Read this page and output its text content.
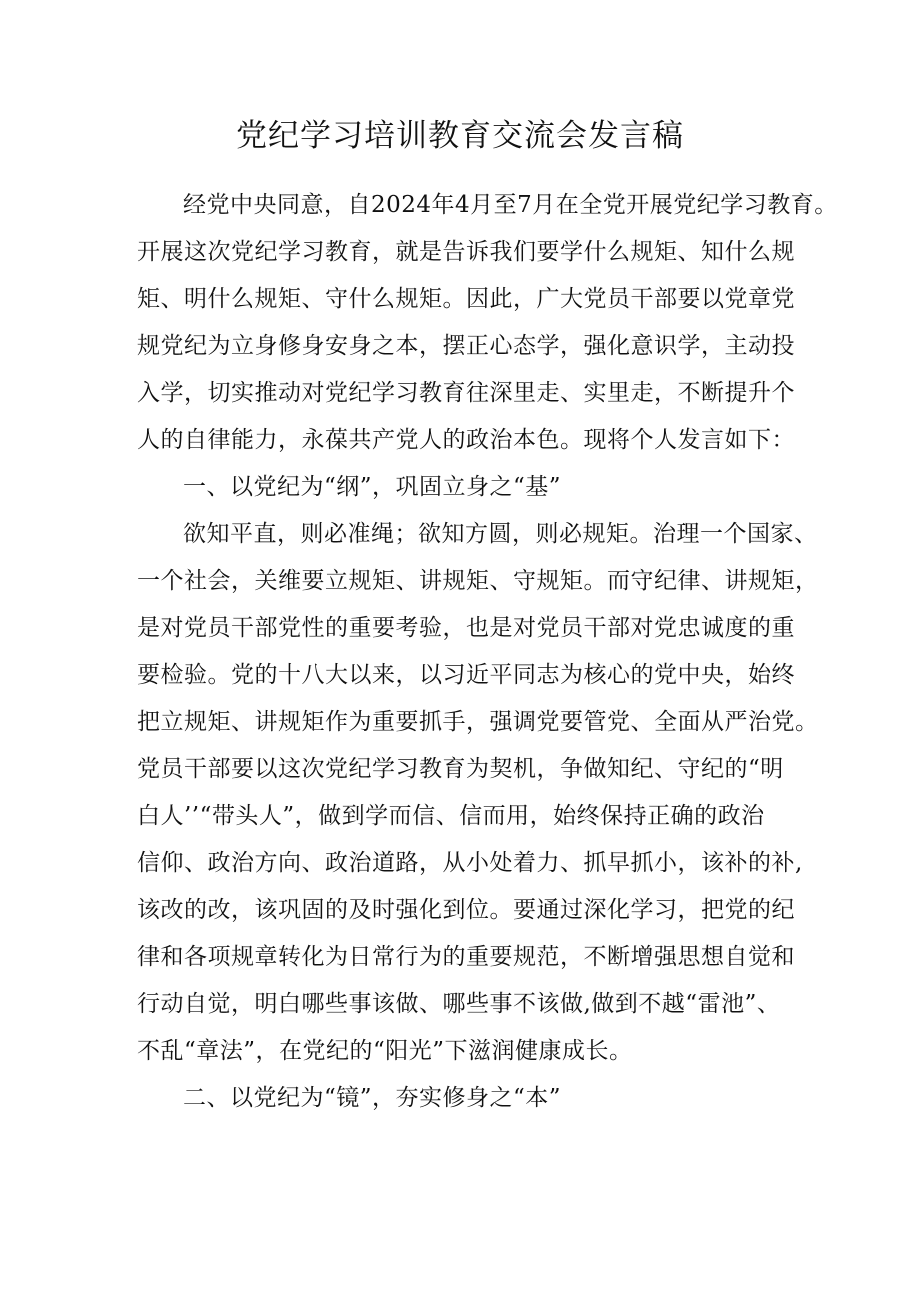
党纪学习培训教育交流会发言稿
经党中央同意，自2024年4月至7月在全党开展党纪学习教育。
开展这次党纪学习教育，就是告诉我们要学什么规矩、知什么规
矩、明什么规矩、守什么规矩。因此，广大党员干部要以党章党
规党纪为立身修身安身之本，摆正心态学，强化意识学，主动投
入学，切实推动对党纪学习教育往深里走、实里走，不断提升个
人的自律能力，永葆共产党人的政治本色。现将个人发言如下：
一、以党纪为“纲”，巩固立身之“基”
欲知平直，则必准绳；欲知方圆，则必规矩。治理一个国家、
一个社会，关维要立规矩、讲规矩、守规矩。而守纪律、讲规矩，
是对党员干部党性的重要考验，也是对党员干部对党忠诚度的重
要检验。党的十八大以来，以习近平同志为核心的党中央，始终
把立规矩、讲规矩作为重要抓手，强调党要管党、全面从严治党。
党员干部要以这次党纪学习教育为契机，争做知纪、守纪的“明
白人’’“带头人”，做到学而信、信而用，始终保持正确的政治
信仰、政治方向、政治道路，从小处着力、抓早抓小，该补的补,
该改的改，该巩固的及时强化到位。要通过深化学习，把党的纪
律和各项规章转化为日常行为的重要规范，不断增强思想自觉和
行动自觉，明白哪些事该做、哪些事不该做,做到不越“雷池”、
不乱“章法”，在党纪的“阳光”下滋润健康成长。
二、以党纪为“镜”，夯实修身之“本”
